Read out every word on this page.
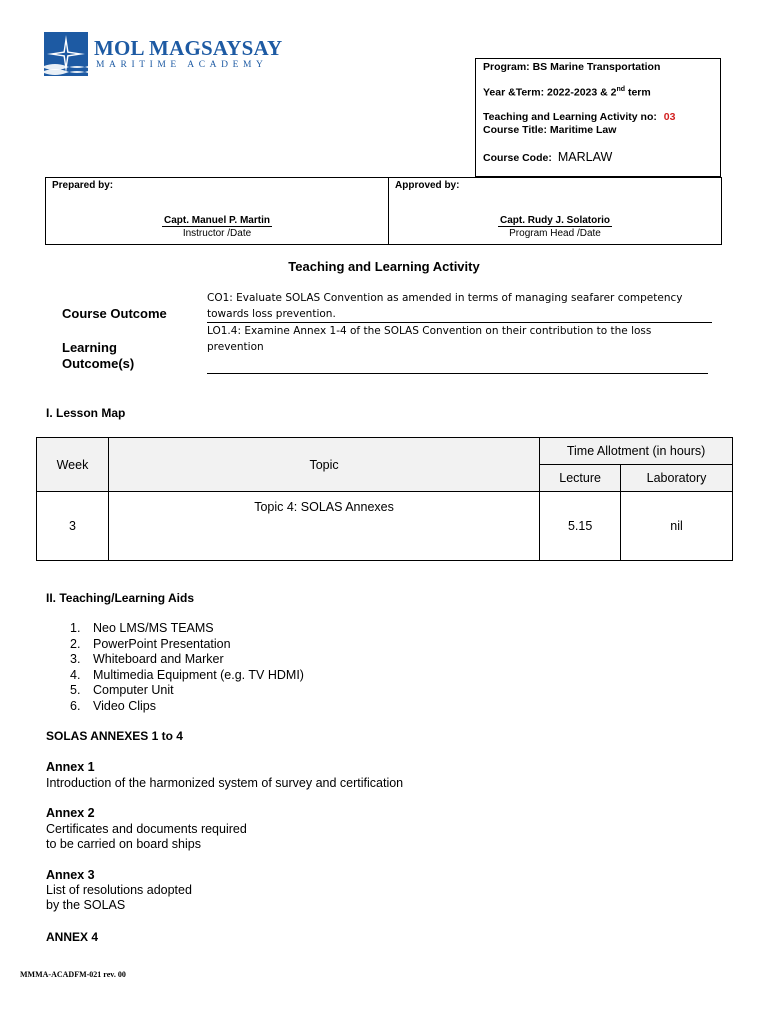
MOL MAGSAYSAY
MARITIME ACADEMY	Program: BS Marine Transportation
Year &Term: 2022-2023 & 2nd term
Teaching and Learning Activity no: 03
Course Title: Maritime Law
Course Code: MARLAW
Prepared by:
Capt. Manuel P. Martin
Instructor /Date
Approved by:
Capt. Rudy J. Solatorio
Program Head /Date
Teaching and Learning Activity
Course Outcome
CO1: Evaluate SOLAS Convention as amended in terms of managing seafarer competency towards loss prevention.
Learning Outcome(s)
LO1.4: Examine Annex 1-4 of the SOLAS Convention on their contribution to the loss prevention
I. Lesson Map
Week	Topic	Time Allotment (in hours)	
		Lecture	Laboratory
3	Topic 4: SOLAS Annexes	5.15	nil
II. Teaching/Learning Aids
1.	Neo LMS/MS TEAMS
2.	PowerPoint Presentation
3.	Whiteboard and Marker
4.	Multimedia Equipment (e.g. TV HDMI)
5.	Computer Unit
6.	Video Clips
SOLAS ANNEXES 1 to 4
Annex 1
Introduction of the harmonized system of survey and certification
Annex 2
Certificates and documents required
to be carried on board ships
Annex 3
List of resolutions adopted
by the SOLAS
ANNEX 4
MMMA-ACADFM-021 rev. 00
